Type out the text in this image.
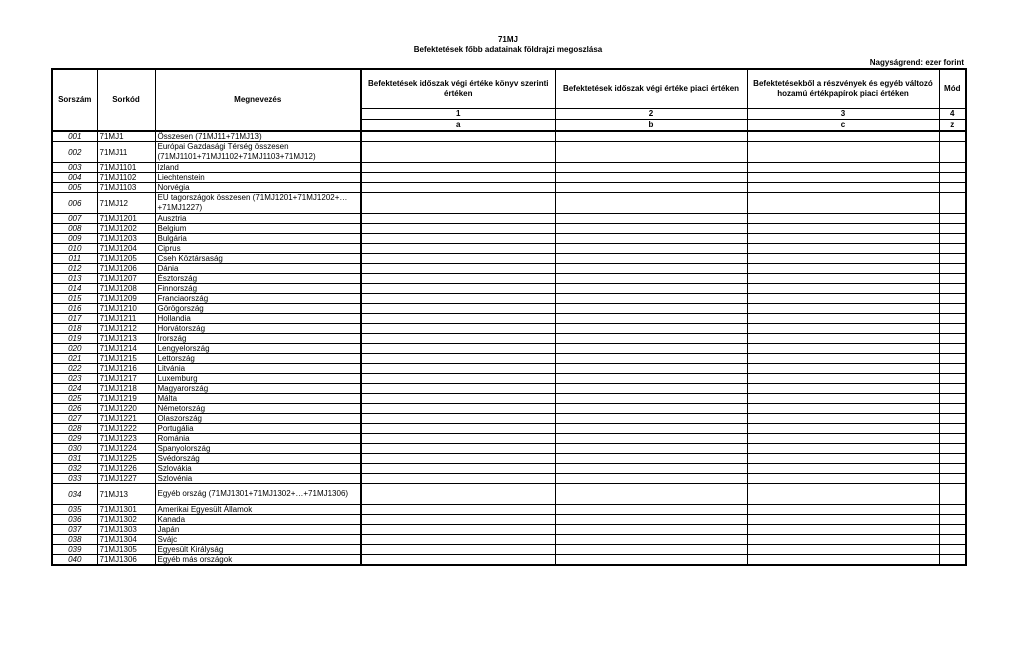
71MJ
Befektetések főbb adatainak földrajzi megoszlása
Nagyságrend: ezer forint
Sorszám	Sorkód	Megnevezés	Befektetések időszak végi értéke könyv szerinti értéken	Befektetések időszak végi értéke piaci értéken	Befektetésekből a részvények és egyéb változó hozamú értékpapírok piaci értéken	Mód
			1	2	3	4
			a	b	c	z
001	71MJ1	Összesen (71MJ11+71MJ13)				
002	71MJ11	Európai Gazdasági Térség összesen (71MJ1101+71MJ1102+71MJ1103+71MJ12)				
003	71MJ1101	Izland				
004	71MJ1102	Liechtenstein				
005	71MJ1103	Norvégia				
006	71MJ12	EU tagországok összesen (71MJ1201+71MJ1202+…+71MJ1227)				
007	71MJ1201	Ausztria				
008	71MJ1202	Belgium				
009	71MJ1203	Bulgária				
010	71MJ1204	Ciprus				
011	71MJ1205	Cseh Köztársaság				
012	71MJ1206	Dánia				
013	71MJ1207	Észtország				
014	71MJ1208	Finnország				
015	71MJ1209	Franciaország				
016	71MJ1210	Görögország				
017	71MJ1211	Hollandia				
018	71MJ1212	Horvátország				
019	71MJ1213	Írország				
020	71MJ1214	Lengyelország				
021	71MJ1215	Lettország				
022	71MJ1216	Litvánia				
023	71MJ1217	Luxemburg				
024	71MJ1218	Magyarország				
025	71MJ1219	Málta				
026	71MJ1220	Németország				
027	71MJ1221	Olaszország				
028	71MJ1222	Portugália				
029	71MJ1223	Románia				
030	71MJ1224	Spanyolország				
031	71MJ1225	Svédország				
032	71MJ1226	Szlovákia				
033	71MJ1227	Szlovénia				
034	71MJ13	Egyéb ország (71MJ1301+71MJ1302+…+71MJ1306)				
035	71MJ1301	Amerikai Egyesült Államok				
036	71MJ1302	Kanada				
037	71MJ1303	Japán				
038	71MJ1304	Svájc				
039	71MJ1305	Egyesült Királyság				
040	71MJ1306	Egyéb más országok				
